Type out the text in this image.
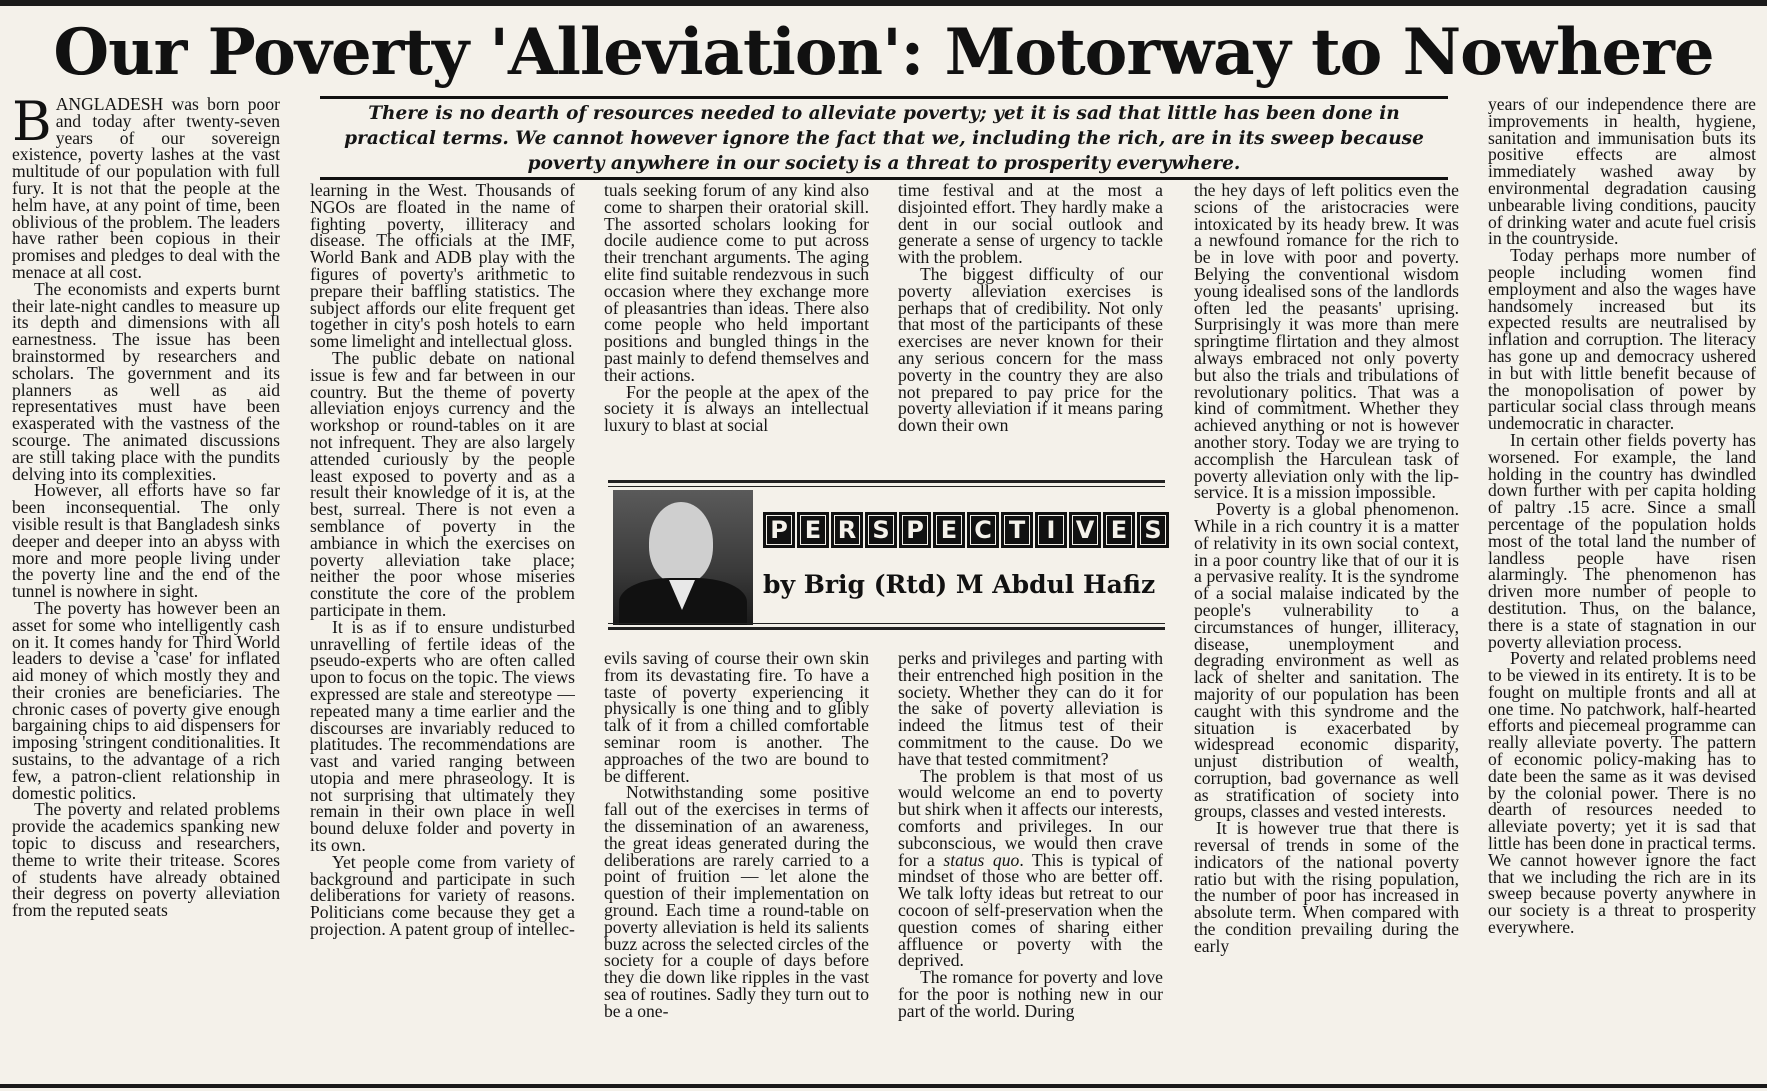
Our Poverty 'Alleviation': Motorway to Nowhere
There is no dearth of resources needed to alleviate poverty; yet it is sad that little has been done in practical terms. We cannot however ignore the fact that we, including the rich, are in its sweep because poverty anywhere in our society is a threat to prosperity everywhere.
B ANGLADESH was born poor and today after twenty-seven years of our sovereign existence, poverty lashes at the vast multitude of our population with full fury. It is not that the people at the helm have, at any point of time, been oblivious of the problem. The leaders have rather been copious in their promises and pledges to deal with the menace at all cost.

The economists and experts burnt their late-night candles to measure up its depth and dimensions with all earnestness. The issue has been brainstormed by researchers and scholars. The government and its planners as well as aid representatives must have been exasperated with the vastness of the scourge. The animated discussions are still taking place with the pundits delving into its complexities.

However, all efforts have so far been inconsequential. The only visible result is that Bangladesh sinks deeper and deeper into an abyss with more and more people living under the poverty line and the end of the tunnel is nowhere in sight.

The poverty has however been an asset for some who intelligently cash on it. It comes handy for Third World leaders to devise a 'case' for inflated aid money of which mostly they and their cronies are beneficiaries. The chronic cases of poverty give enough bargaining chips to aid dispensers for imposing 'stringent conditionalities. It sustains, to the advantage of a rich few, a patron-client relationship in domestic politics.

The poverty and related problems provide the academics spanking new topic to discuss and researchers, theme to write their tritease. Scores of students have already obtained their degress on poverty alleviation from the reputed seats

learning in the West. Thousands of NGOs are floated in the name of fighting poverty, illiteracy and disease. The officials at the IMF, World Bank and ADB play with the figures of poverty's arithmetic to prepare their baffling statistics. The subject affords our elite frequent get together in city's posh hotels to earn some limelight and intellectual gloss.

The public debate on national issue is few and far between in our country. But the theme of poverty alleviation enjoys currency and the workshop or round-tables on it are not infrequent. They are also largely attended curiously by the people least exposed to poverty and as a result their knowledge of it is, at the best, surreal. There is not even a semblance of poverty in the ambiance in which the exercises on poverty alleviation take place; neither the poor whose miseries constitute the core of the problem participate in them.

It is as if to ensure undisturbed unravelling of fertile ideas of the pseudo-experts who are often called upon to focus on the topic. The views expressed are stale and stereotype — repeated many a time earlier and the discourses are invariably reduced to platitudes. The recommendations are vast and varied ranging between utopia and mere phraseology. It is not surprising that ultimately they remain in their own place in well bound deluxe folder and poverty in its own.

Yet people come from variety of background and participate in such deliberations for variety of reasons. Politicians come because they get a projection. A patent group of intellec-

tuals seeking forum of any kind also come to sharpen their oratorial skill. The assorted scholars looking for docile audience come to put across their trenchant arguments. The aging elite find suitable rendezvous in such occasion where they exchange more of pleasantries than ideas. There also come people who held important positions and bungled things in the past mainly to defend themselves and their actions.

For the people at the apex of the society it is always an intellectual luxury to blast at social

time festival and at the most a disjointed effort. They hardly make a dent in our social outlook and generate a sense of urgency to tackle with the problem.

The biggest difficulty of our poverty alleviation exercises is perhaps that of credibility. Not only that most of the participants of these exercises are never known for their any serious concern for the mass poverty in the country they are also not prepared to pay price for the poverty alleviation if it means paring down their own

P E R S P E C T I V E S
by Brig (Rtd) M Abdul Hafiz

evils saving of course their own skin from its devastating fire. To have a taste of poverty experiencing it physically is one thing and to glibly talk of it from a chilled comfortable seminar room is another. The approaches of the two are bound to be different.

Notwithstanding some positive fall out of the exercises in terms of the dissemination of an awareness, the great ideas generated during the deliberations are rarely carried to a point of fruition — let alone the question of their implementation on ground. Each time a round-table on poverty alleviation is held its salients buzz across the selected circles of the society for a couple of days before they die down like ripples in the vast sea of routines. Sadly they turn out to be a one-

perks and privileges and parting with their entrenched high position in the society. Whether they can do it for the sake of poverty alleviation is indeed the litmus test of their commitment to the cause. Do we have that tested commitment?

The problem is that most of us would welcome an end to poverty but shirk when it affects our interests, comforts and privileges. In our subconscious, we would then crave for a status quo. This is typical of mindset of those who are better off. We talk lofty ideas but retreat to our cocoon of self-preservation when the question comes of sharing either affluence or poverty with the deprived.

The romance for poverty and love for the poor is nothing new in our part of the world. During

the hey days of left politics even the scions of the aristocracies were intoxicated by its heady brew. It was a newfound romance for the rich to be in love with poor and poverty. Belying the conventional wisdom young idealised sons of the landlords often led the peasants' uprising. Surprisingly it was more than mere springtime flirtation and they almost always embraced not only poverty but also the trials and tribulations of revolutionary politics. That was a kind of commitment. Whether they achieved anything or not is however another story. Today we are trying to accomplish the Harculean task of poverty alleviation only with the lip-service. It is a mission impossible.

Poverty is a global phenomenon. While in a rich country it is a matter of relativity in its own social context, in a poor country like that of our it is a pervasive reality. It is the syndrome of a social malaise indicated by the people's vulnerability to a circumstances of hunger, illiteracy, disease, unemployment and degrading environment as well as lack of shelter and sanitation. The majority of our population has been caught with this syndrome and the situation is exacerbated by widespread economic disparity, unjust distribution of wealth, corruption, bad governance as well as stratification of society into groups, classes and vested interests.

It is however true that there is reversal of trends in some of the indicators of the national poverty ratio but with the rising population, the number of poor has increased in absolute term. When compared with the condition prevailing during the early

years of our independence there are improvements in health, hygiene, sanitation and immunisation buts its positive effects are almost immediately washed away by environmental degradation causing unbearable living conditions, paucity of drinking water and acute fuel crisis in the countryside.

Today perhaps more number of people including women find employment and also the wages have handsomely increased but its expected results are neutralised by inflation and corruption. The literacy has gone up and democracy ushered in but with little benefit because of the monopolisation of power by particular social class through means undemocratic in character.

In certain other fields poverty has worsened. For example, the land holding in the country has dwindled down further with per capita holding of paltry .15 acre. Since a small percentage of the population holds most of the total land the number of landless people have risen alarmingly. The phenomenon has driven more number of people to destitution. Thus, on the balance, there is a state of stagnation in our poverty alleviation process.

Poverty and related problems need to be viewed in its entirety. It is to be fought on multiple fronts and all at one time. No patchwork, half-hearted efforts and piecemeal programme can really alleviate poverty. The pattern of economic policy-making has to date been the same as it was devised by the colonial power. There is no dearth of resources needed to alleviate poverty; yet it is sad that little has been done in practical terms. We cannot however ignore the fact that we including the rich are in its sweep because poverty anywhere in our society is a threat to prosperity everywhere.
